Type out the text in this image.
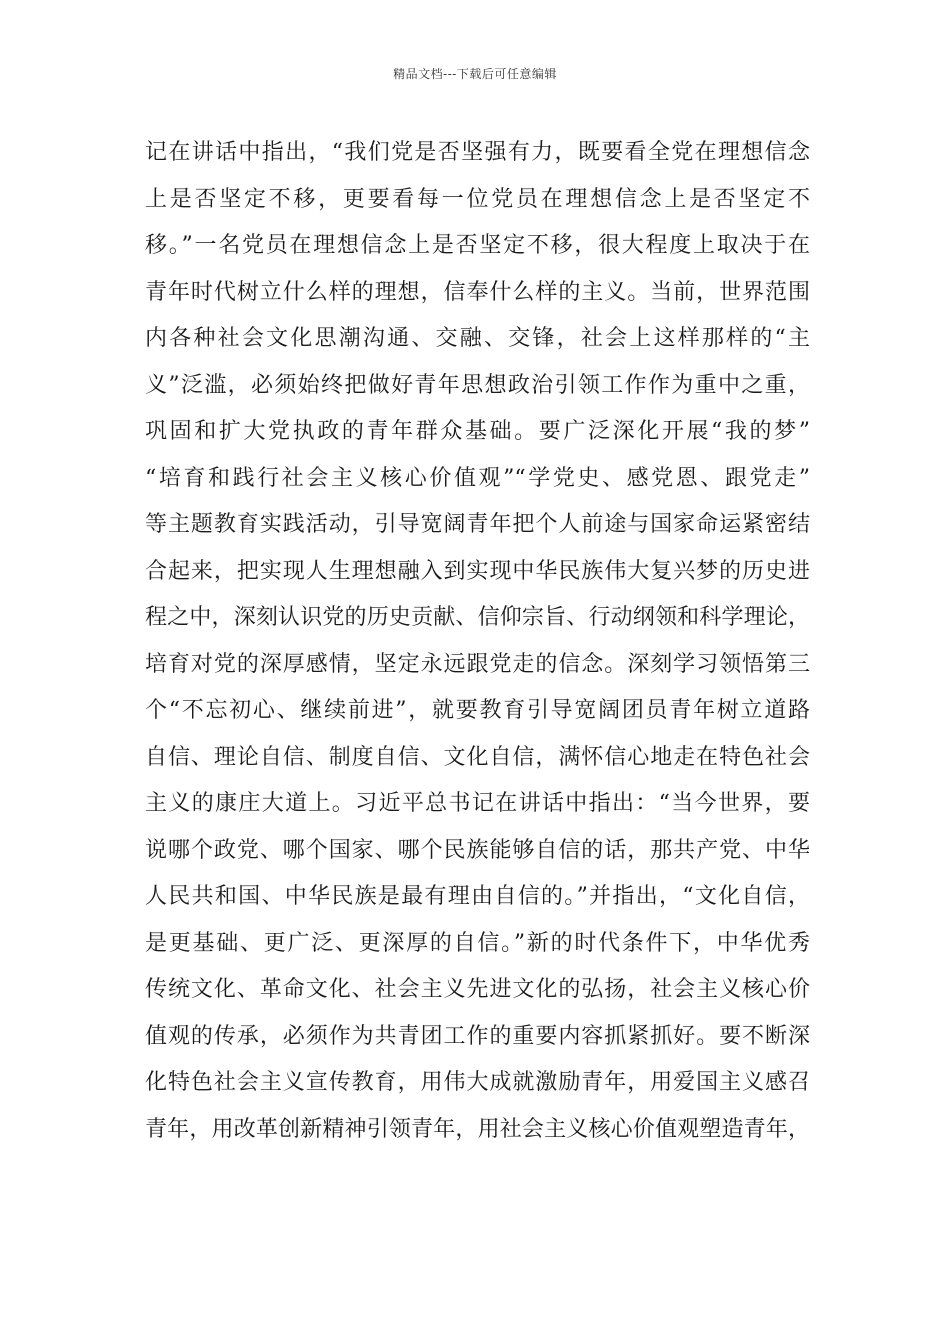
精品文档---下载后可任意编辑
记在讲话中指出，“我们党是否坚强有力，既要看全党在理想信念
上是否坚定不移，更要看每一位党员在理想信念上是否坚定不
移。”一名党员在理想信念上是否坚定不移，很大程度上取决于在
青年时代树立什么样的理想，信奉什么样的主义。当前，世界范围
内各种社会文化思潮沟通、交融、交锋，社会上这样那样的“主
义”泛滥，必须始终把做好青年思想政治引领工作作为重中之重，
巩固和扩大党执政的青年群众基础。要广泛深化开展“我的梦”
“培育和践行社会主义核心价值观”“学党史、感党恩、跟党走”
等主题教育实践活动，引导宽阔青年把个人前途与国家命运紧密结
合起来，把实现人生理想融入到实现中华民族伟大复兴梦的历史进
程之中，深刻认识党的历史贡献、信仰宗旨、行动纲领和科学理论，
培育对党的深厚感情，坚定永远跟党走的信念。深刻学习领悟第三
个“不忘初心、继续前进”，就要教育引导宽阔团员青年树立道路
自信、理论自信、制度自信、文化自信，满怀信心地走在特色社会
主义的康庄大道上。习近平总书记在讲话中指出：“当今世界，要
说哪个政党、哪个国家、哪个民族能够自信的话，那共产党、中华
人民共和国、中华民族是最有理由自信的。”并指出，“文化自信，
是更基础、更广泛、更深厚的自信。”新的时代条件下，中华优秀
传统文化、革命文化、社会主义先进文化的弘扬，社会主义核心价
值观的传承，必须作为共青团工作的重要内容抓紧抓好。要不断深
化特色社会主义宣传教育，用伟大成就激励青年，用爱国主义感召
青年，用改革创新精神引领青年，用社会主义核心价值观塑造青年，
